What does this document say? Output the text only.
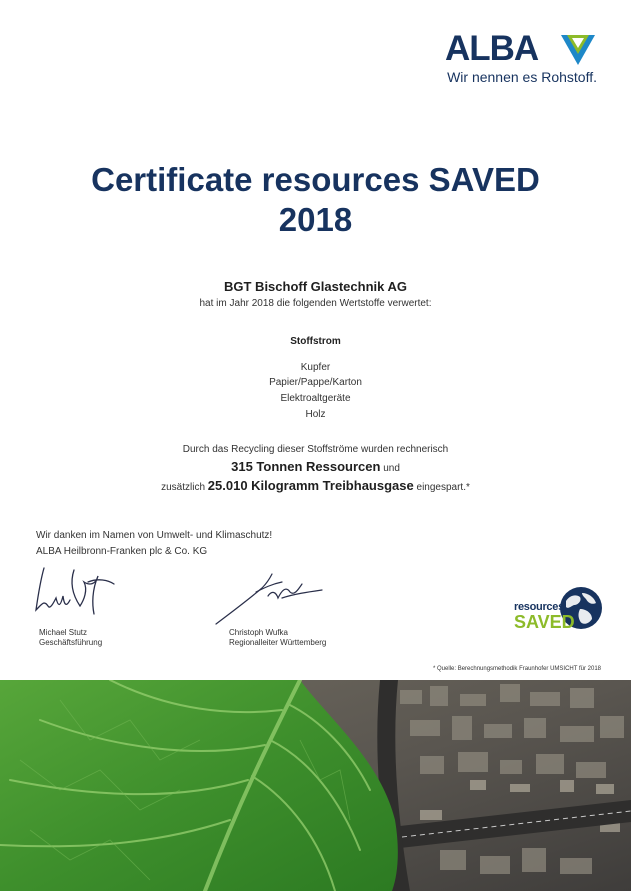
ALBA
Wir nennen es Rohstoff.
Certificate resources SAVED
2018
BGT Bischoff Glastechnik AG
hat im Jahr 2018 die folgenden Wertstoffe verwertet:
Stoffstrom
Kupfer
Papier/Pappe/Karton
Elektroaltgeräte
Holz
Durch das Recycling dieser Stoffströme wurden rechnerisch
315 Tonnen Ressourcen und
zusätzlich 25.010 Kilogramm Treibhausgase eingespart.*
Wir danken im Namen von Umwelt- und Klimaschutz!
ALBA Heilbronn-Franken plc & Co. KG
Michael Stutz
Geschäftsführung
Christoph Wufka
Regionalleiter Württemberg
resources
SAVED
* Quelle: Berechnungsmethodik Fraunhofer UMSICHT für 2018
